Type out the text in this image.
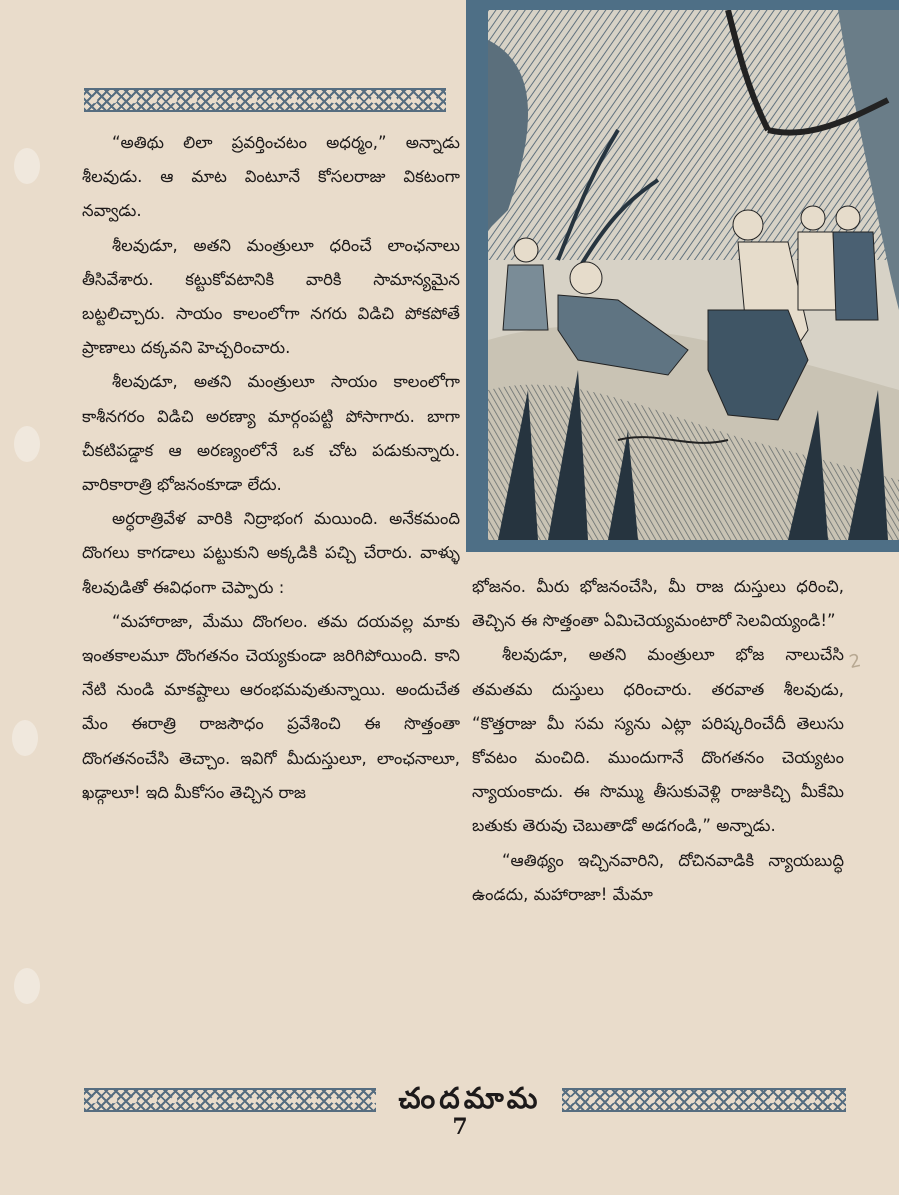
“అతిథు లిలా ప్రవర్తించటం అధర్మం,” అన్నాడు శీలవుడు. ఆ మాట వింటూనే కోసలరాజు వికటంగా నవ్వాడు.

శీలవుడూ, అతని మంత్రులూ ధరించే లాంఛనాలు తీసివేశారు. కట్టుకోవటానికి వారికి సామాన్యమైన బట్టలిచ్చారు. సాయం కాలంలోగా నగరు విడిచి పోకపోతే ప్రాణాలు దక్కవని హెచ్చరించారు.

శీలవుడూ, అతని మంత్రులూ సాయం కాలంలోగా కాశీనగరం విడిచి అరణ్యా మార్గంపట్టి పోసాగారు. బాగా చీకటిపడ్డాక ఆ అరణ్యంలోనే ఒక చోట పడుకున్నారు. వారికారాత్రి భోజనంకూడా లేదు.

అర్ధరాత్రివేళ వారికి నిద్రాభంగ మయింది. అనేకమంది దొంగలు కాగడాలు పట్టుకుని అక్కడికి పచ్చి చేరారు. వాళ్ళు శీలవుడితో ఈవిధంగా చెప్పారు :

“మహారాజా, మేము దొంగలం. తమ దయవల్ల మాకు ఇంతకాలమూ దొంగతనం చెయ్యకుండా జరిగిపోయింది. కాని నేటి నుండి మాకష్టాలు ఆరంభమవుతున్నాయి. అందుచేత మేం ఈరాత్రి రాజసౌధం ప్రవేశించి ఈ సొత్తంతా దొంగతనంచేసి తెచ్చాం. ఇవిగో మీదుస్తులూ, లాంఛనాలూ, ఖడ్గాలూ! ఇది మీకోసం తెచ్చిన రాజ

భోజనం. మీరు భోజనంచేసి, మీ రాజ దుస్తులు ధరించి, తెచ్చిన ఈ సొత్తంతా ఏమిచెయ్యమంటారో సెలవియ్యండి!”

శీలవుడూ, అతని మంత్రులూ భోజ నాలుచేసి తమతమ దుస్తులు ధరించారు. తరవాత శీలవుడు, “కొత్తరాజు మీ సమ స్యను ఎట్లా పరిష్కరించేదీ తెలుసు కోవటం మంచిది. ముందుగానే దొంగతనం చెయ్యటం న్యాయంకాదు. ఈ సొమ్ము తీసుకువెళ్లి రాజుకిచ్చి మీకేమి బతుకు తెరువు చెబుతాడో అడగండి,” అన్నాడు.

“ఆతిథ్యం ఇచ్చినవారిని, దోచినవాడికి న్యాయబుద్ధి ఉండదు, మహారాజా! మేమా

2
చందమామ
7
